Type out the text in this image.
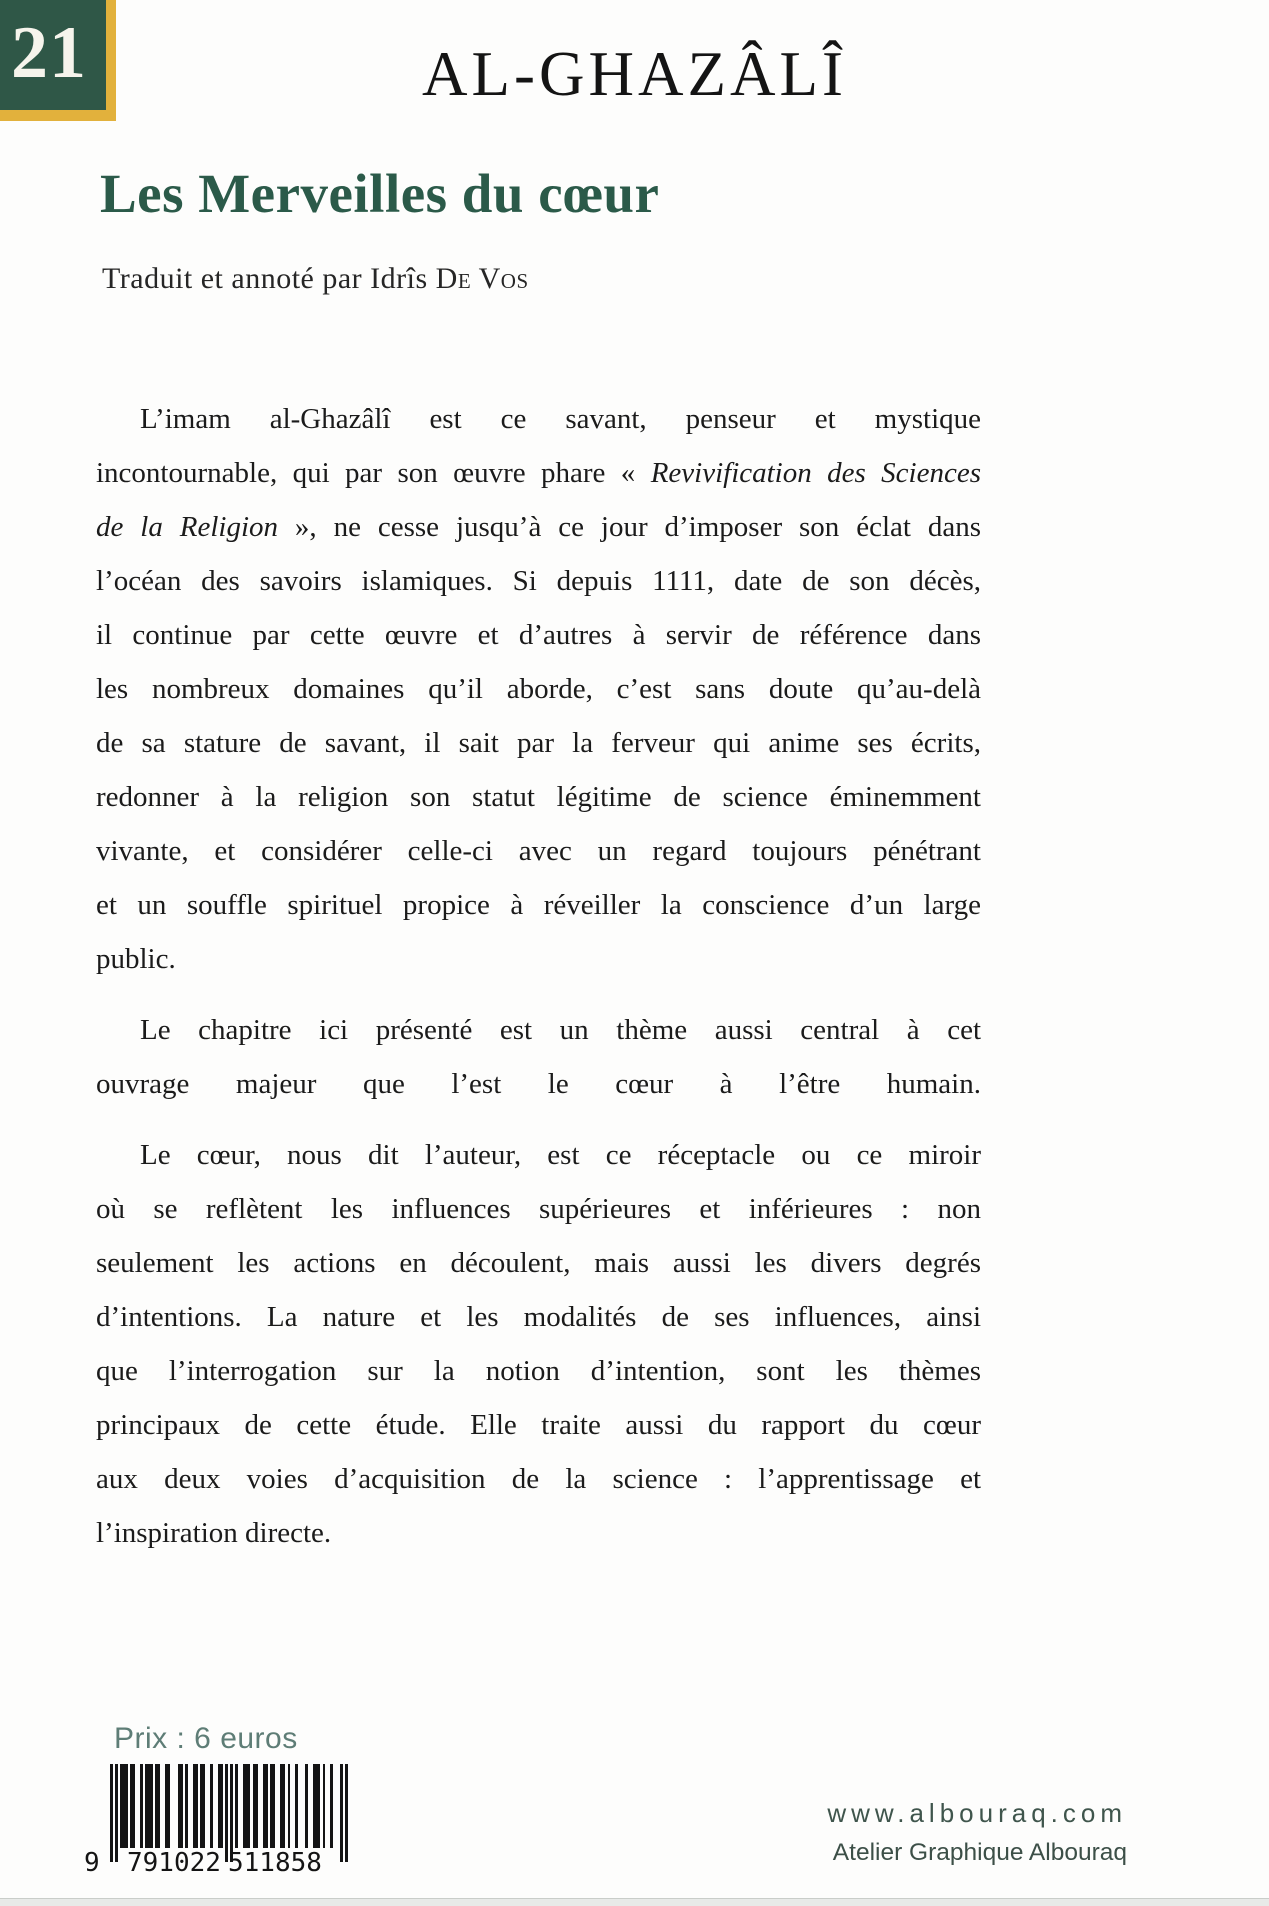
21	AL-GHAZÂLÎ
Les Merveilles du cœur

Traduit et annoté par Idrîs De Vos

L’imam al-Ghazâlî est ce savant, penseur et mystique
incontournable, qui par son œuvre phare « Revivification des Sciences
de la Religion », ne cesse jusqu’à ce jour d’imposer son éclat dans
l’océan des savoirs islamiques. Si depuis 1111, date de son décès,
il continue par cette œuvre et d’autres à servir de référence dans
les nombreux domaines qu’il aborde, c’est sans doute qu’au-delà
de sa stature de savant, il sait par la ferveur qui anime ses écrits,
redonner à la religion son statut légitime de science éminemment
vivante, et considérer celle-ci avec un regard toujours pénétrant
et un souffle spirituel propice à réveiller la conscience d’un large
public.
Le chapitre ici présenté est un thème aussi central à cet
ouvrage majeur que l’est le cœur à l’être humain.
Le cœur, nous dit l’auteur, est ce réceptacle ou ce miroir
où se reflètent les influences supérieures et inférieures : non
seulement les actions en découlent, mais aussi les divers degrés
d’intentions. La nature et les modalités de ses influences, ainsi
que l’interrogation sur la notion d’intention, sont les thèmes
principaux de cette étude. Elle traite aussi du rapport du cœur
aux deux voies d’acquisition de la science : l’apprentissage et
l’inspiration directe.

Prix : 6 euros

9 791022 511858

www.albouraq.com

Atelier Graphique Albouraq
